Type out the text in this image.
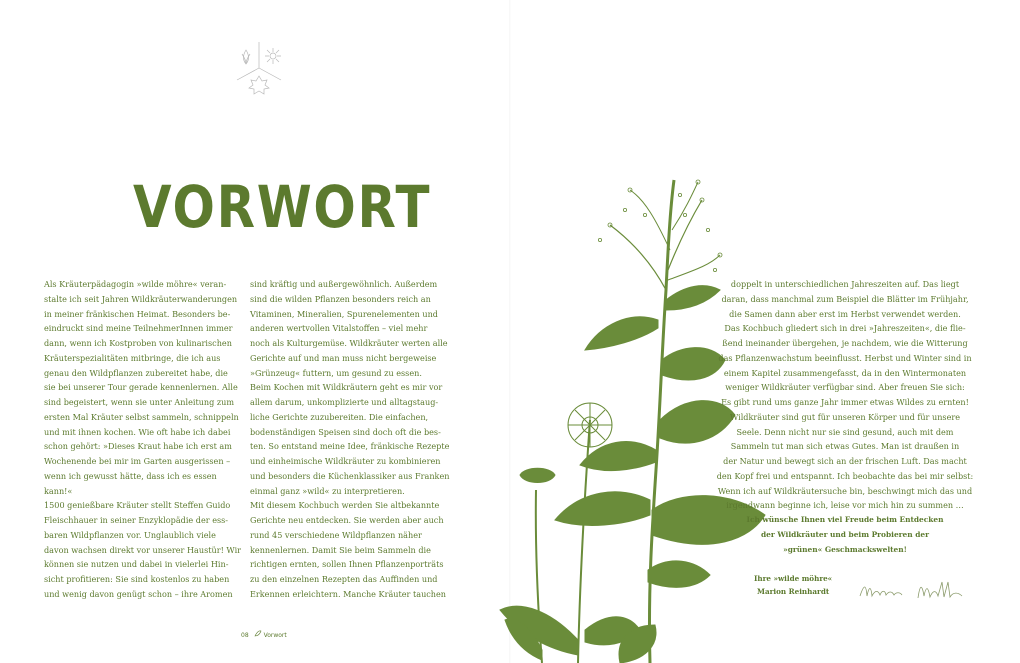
VORWORT

Als Kräuterpädagogin »wilde möhre« veran-

stalte ich seit Jahren Wildkräuterwanderungen

in meiner fränkischen Heimat. Besonders be-

eindruckt sind meine TeilnehmerInnen immer

dann, wenn ich Kostproben von kulinarischen

Kräuterspezialitäten mitbringe, die ich aus

genau den Wildpflanzen zubereitet habe, die

sie bei unserer Tour gerade kennenlernen. Alle

sind begeistert, wenn sie unter Anleitung zum

ersten Mal Kräuter selbst sammeln, schnippeln

und mit ihnen kochen. Wie oft habe ich dabei

schon gehört: »Dieses Kraut habe ich erst am

Wochenende bei mir im Garten ausgerissen –

wenn ich gewusst hätte, dass ich es essen

kann!«

1500 genießbare Kräuter stellt Steffen Guido

Fleischhauer in seiner Enzyklopädie der ess-

baren Wildpflanzen vor. Unglaublich viele

davon wachsen direkt vor unserer Haustür! Wir

können sie nutzen und dabei in vielerlei Hin-

sicht profitieren: Sie sind kostenlos zu haben

und wenig davon genügt schon – ihre Aromen

sind kräftig und außergewöhnlich. Außerdem

sind die wilden Pflanzen besonders reich an

Vitaminen, Mineralien, Spurenelementen und

anderen wertvollen Vitalstoffen – viel mehr

noch als Kulturgemüse. Wildkräuter werten alle

Gerichte auf und man muss nicht bergeweise

»Grünzeug« futtern, um gesund zu essen.

Beim Kochen mit Wildkräutern geht es mir vor

allem darum, unkomplizierte und alltagstaug-

liche Gerichte zuzubereiten. Die einfachen,

bodenständigen Speisen sind doch oft die bes-

ten. So entstand meine Idee, fränkische Rezepte

und einheimische Wildkräuter zu kombinieren

und besonders die Küchenklassiker aus Franken

einmal ganz »wild« zu interpretieren.

Mit diesem Kochbuch werden Sie altbekannte

Gerichte neu entdecken. Sie werden aber auch

rund 45 verschiedene Wildpflanzen näher

kennenlernen. Damit Sie beim Sammeln die

richtigen ernten, sollen Ihnen Pflanzenporträts

zu den einzelnen Rezepten das Auffinden und

Erkennen erleichtern. Manche Kräuter tauchen

08 Vorwort

doppelt in unterschiedlichen Jahreszeiten auf. Das liegt

daran, dass manchmal zum Beispiel die Blätter im Frühjahr,

die Samen dann aber erst im Herbst verwendet werden.

Das Kochbuch gliedert sich in drei »Jahreszeiten«, die flie-

ßend ineinander übergehen, je nachdem, wie die Witterung

das Pflanzenwachstum beeinflusst. Herbst und Winter sind in

einem Kapitel zusammengefasst, da in den Wintermonaten

weniger Wildkräuter verfügbar sind. Aber freuen Sie sich:

Es gibt rund ums ganze Jahr immer etwas Wildes zu ernten!

Wildkräuter sind gut für unseren Körper und für unsere

Seele. Denn nicht nur sie sind gesund, auch mit dem

Sammeln tut man sich etwas Gutes. Man ist draußen in

der Natur und bewegt sich an der frischen Luft. Das macht

den Kopf frei und entspannt. Ich beobachte das bei mir selbst:

Wenn ich auf Wildkräutersuche bin, beschwingt mich das und

irgendwann beginne ich, leise vor mich hin zu summen …

Ich wünsche Ihnen viel Freude beim Entdecken

der Wildkräuter und beim Probieren der

»grünen« Geschmackswelten!

Ihre »wilde möhre«
Marion Reinhardt
